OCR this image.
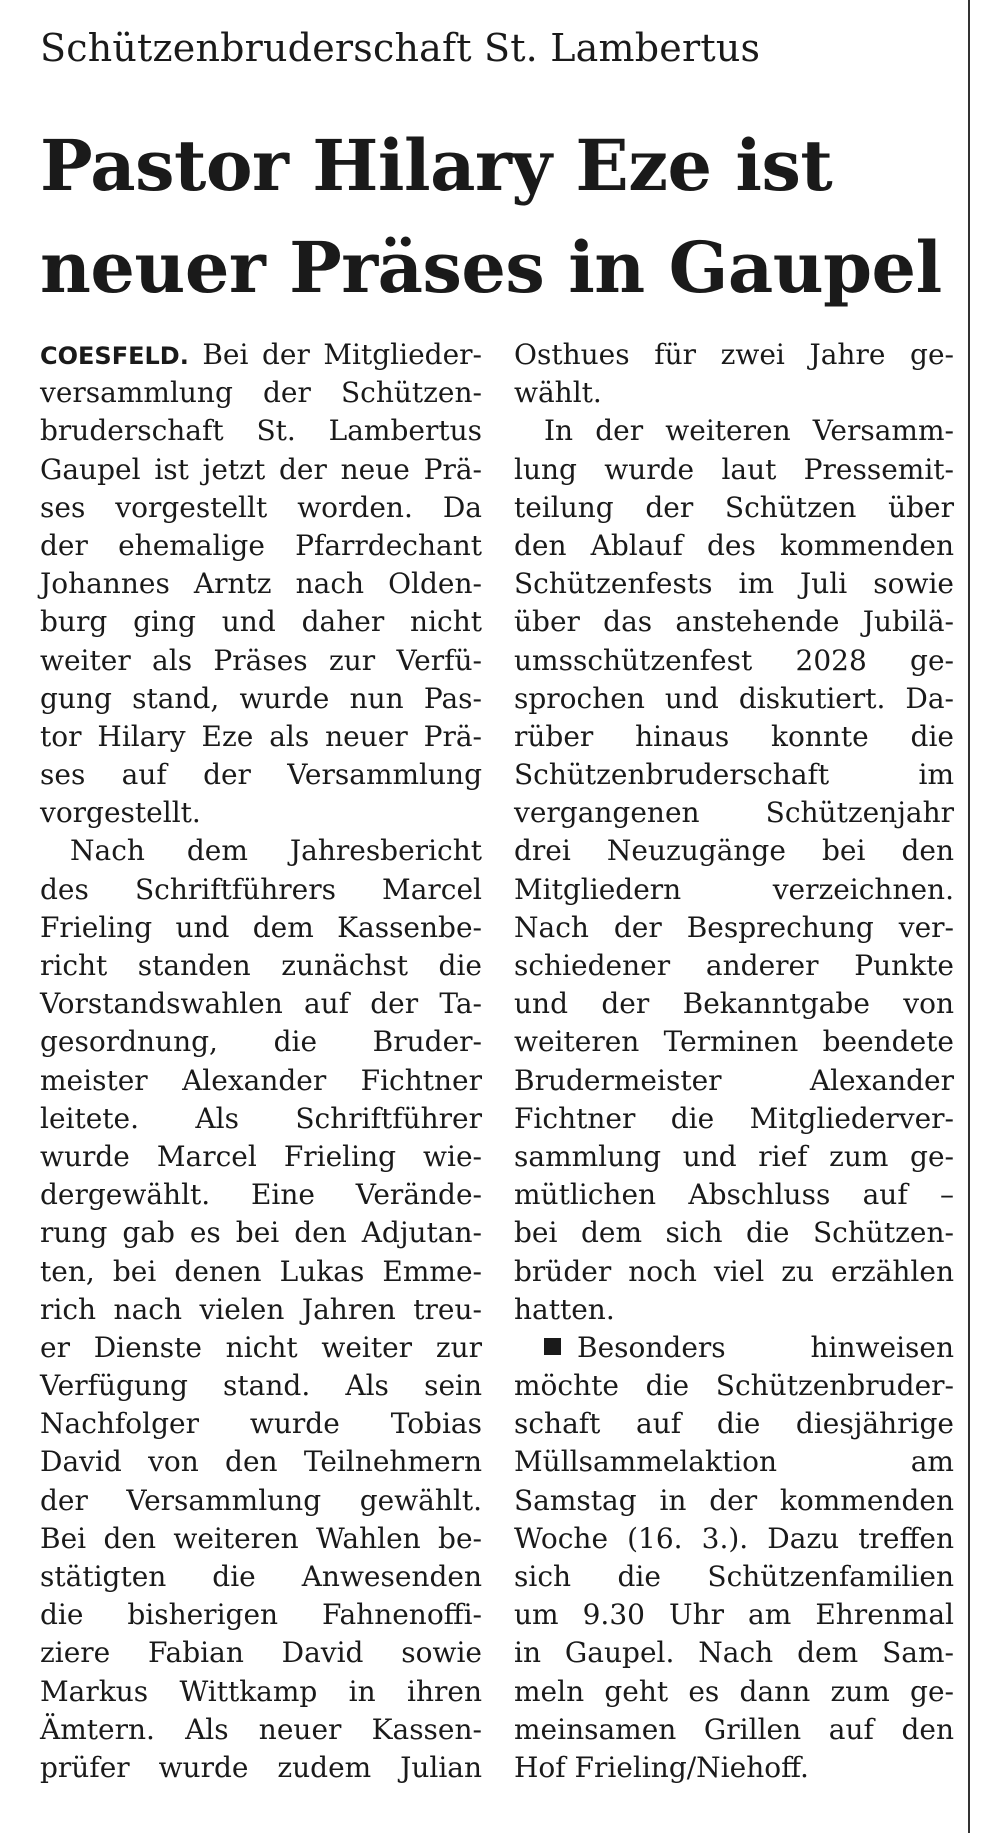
Schützenbruderschaft St. Lambertus
Pastor Hilary Eze ist
neuer Präses in Gaupel
COESFELD. Bei der Mitglieder-
versammlung der Schützen-
bruderschaft St. Lambertus
Gaupel ist jetzt der neue Prä-
ses vorgestellt worden. Da
der ehemalige Pfarrdechant
Johannes Arntz nach Olden-
burg ging und daher nicht
weiter als Präses zur Verfü-
gung stand, wurde nun Pas-
tor Hilary Eze als neuer Prä-
ses auf der Versammlung
vorgestellt.
Nach dem Jahresbericht
des Schriftführers Marcel
Frieling und dem Kassenbe-
richt standen zunächst die
Vorstandswahlen auf der Ta-
gesordnung, die Bruder-
meister Alexander Fichtner
leitete. Als Schriftführer
wurde Marcel Frieling wie-
dergewählt. Eine Verände-
rung gab es bei den Adjutan-
ten, bei denen Lukas Emme-
rich nach vielen Jahren treu-
er Dienste nicht weiter zur
Verfügung stand. Als sein
Nachfolger wurde Tobias
David von den Teilnehmern
der Versammlung gewählt.
Bei den weiteren Wahlen be-
stätigten die Anwesenden
die bisherigen Fahnenoffi-
ziere Fabian David sowie
Markus Wittkamp in ihren
Ämtern. Als neuer Kassen-
prüfer wurde zudem Julian
Osthues für zwei Jahre ge-
wählt.
In der weiteren Versamm-
lung wurde laut Pressemit-
teilung der Schützen über
den Ablauf des kommenden
Schützenfests im Juli sowie
über das anstehende Jubilä-
umsschützenfest 2028 ge-
sprochen und diskutiert. Da-
rüber hinaus konnte die
Schützenbruderschaft im
vergangenen Schützenjahr
drei Neuzugänge bei den
Mitgliedern verzeichnen.
Nach der Besprechung ver-
schiedener anderer Punkte
und der Bekanntgabe von
weiteren Terminen beendete
Brudermeister Alexander
Fichtner die Mitgliederver-
sammlung und rief zum ge-
mütlichen Abschluss auf –
bei dem sich die Schützen-
brüder noch viel zu erzählen
hatten.
Besonders hinweisen
möchte die Schützenbruder-
schaft auf die diesjährige
Müllsammelaktion am
Samstag in der kommenden
Woche (16. 3.). Dazu treffen
sich die Schützenfamilien
um 9.30 Uhr am Ehrenmal
in Gaupel. Nach dem Sam-
meln geht es dann zum ge-
meinsamen Grillen auf den
Hof Frieling/Niehoff.
